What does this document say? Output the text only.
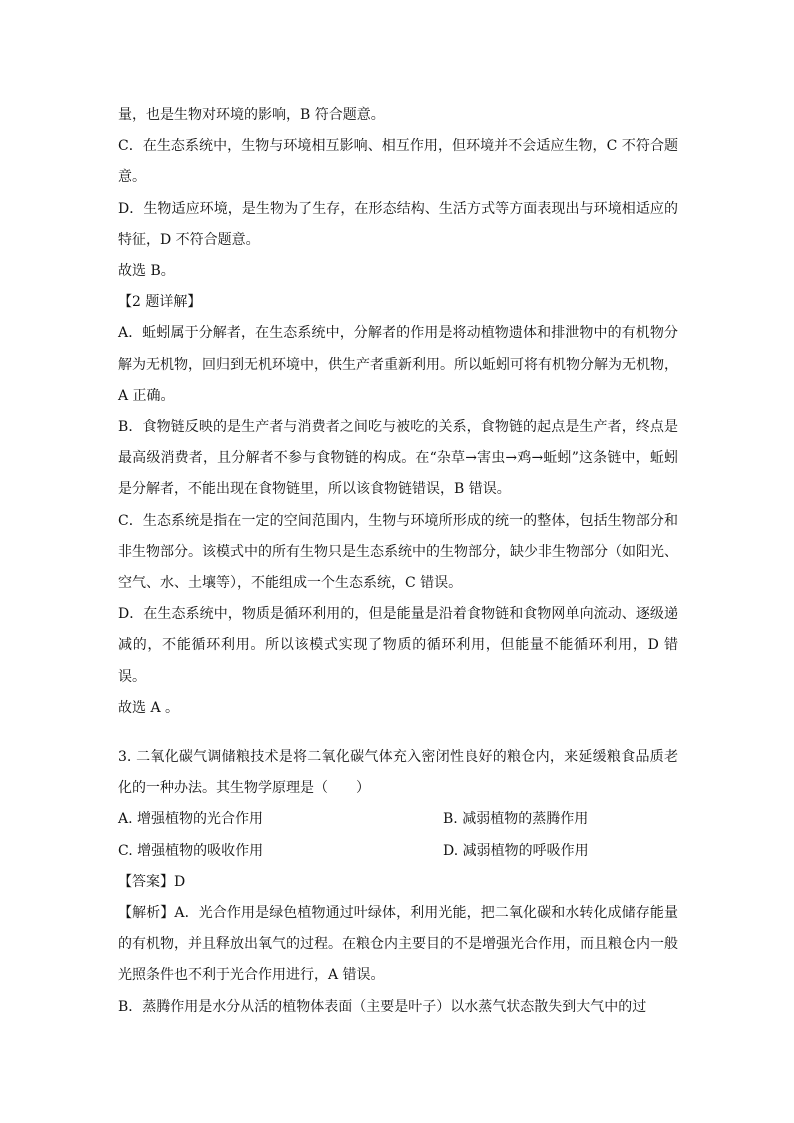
量，也是生物对环境的影响，B 符合题意。

C．在生态系统中，生物与环境相互影响、相互作用，但环境并不会适应生物，C 不符合题意。

D．生物适应环境，是生物为了生存，在形态结构、生活方式等方面表现出与环境相适应的特征，D 不符合题意。

故选 B。

【2 题详解】

A．蚯蚓属于分解者，在生态系统中，分解者的作用是将动植物遗体和排泄物中的有机物分解为无机物，回归到无机环境中，供生产者重新利用。所以蚯蚓可将有机物分解为无机物，A 正确。

B．食物链反映的是生产者与消费者之间吃与被吃的关系，食物链的起点是生产者，终点是最高级消费者，且分解者不参与食物链的构成。在“杂草→害虫→鸡→蚯蚓”这条链中，蚯蚓是分解者，不能出现在食物链里，所以该食物链错误，B 错误。

C．生态系统是指在一定的空间范围内，生物与环境所形成的统一的整体，包括生物部分和非生物部分。该模式中的所有生物只是生态系统中的生物部分，缺少非生物部分（如阳光、空气、水、土壤等），不能组成一个生态系统，C 错误。

D．在生态系统中，物质是循环利用的，但是能量是沿着食物链和食物网单向流动、逐级递减的，不能循环利用。所以该模式实现了物质的循环利用，但能量不能循环利用，D 错误。

故选 A 。

3. 二氧化碳气调储粮技术是将二氧化碳气体充入密闭性良好的粮仓内，来延缓粮食品质老化的一种办法。其生物学原理是（　　）

A. 增强植物的光合作用	B. 减弱植物的蒸腾作用
C. 增强植物的吸收作用	D. 减弱植物的呼吸作用

【答案】D

【解析】A．光合作用是绿色植物通过叶绿体，利用光能，把二氧化碳和水转化成储存能量的有机物，并且释放出氧气的过程。在粮仓内主要目的不是增强光合作用，而且粮仓内一般光照条件也不利于光合作用进行，A 错误。

B．蒸腾作用是水分从活的植物体表面（主要是叶子）以水蒸气状态散失到大气中的过
